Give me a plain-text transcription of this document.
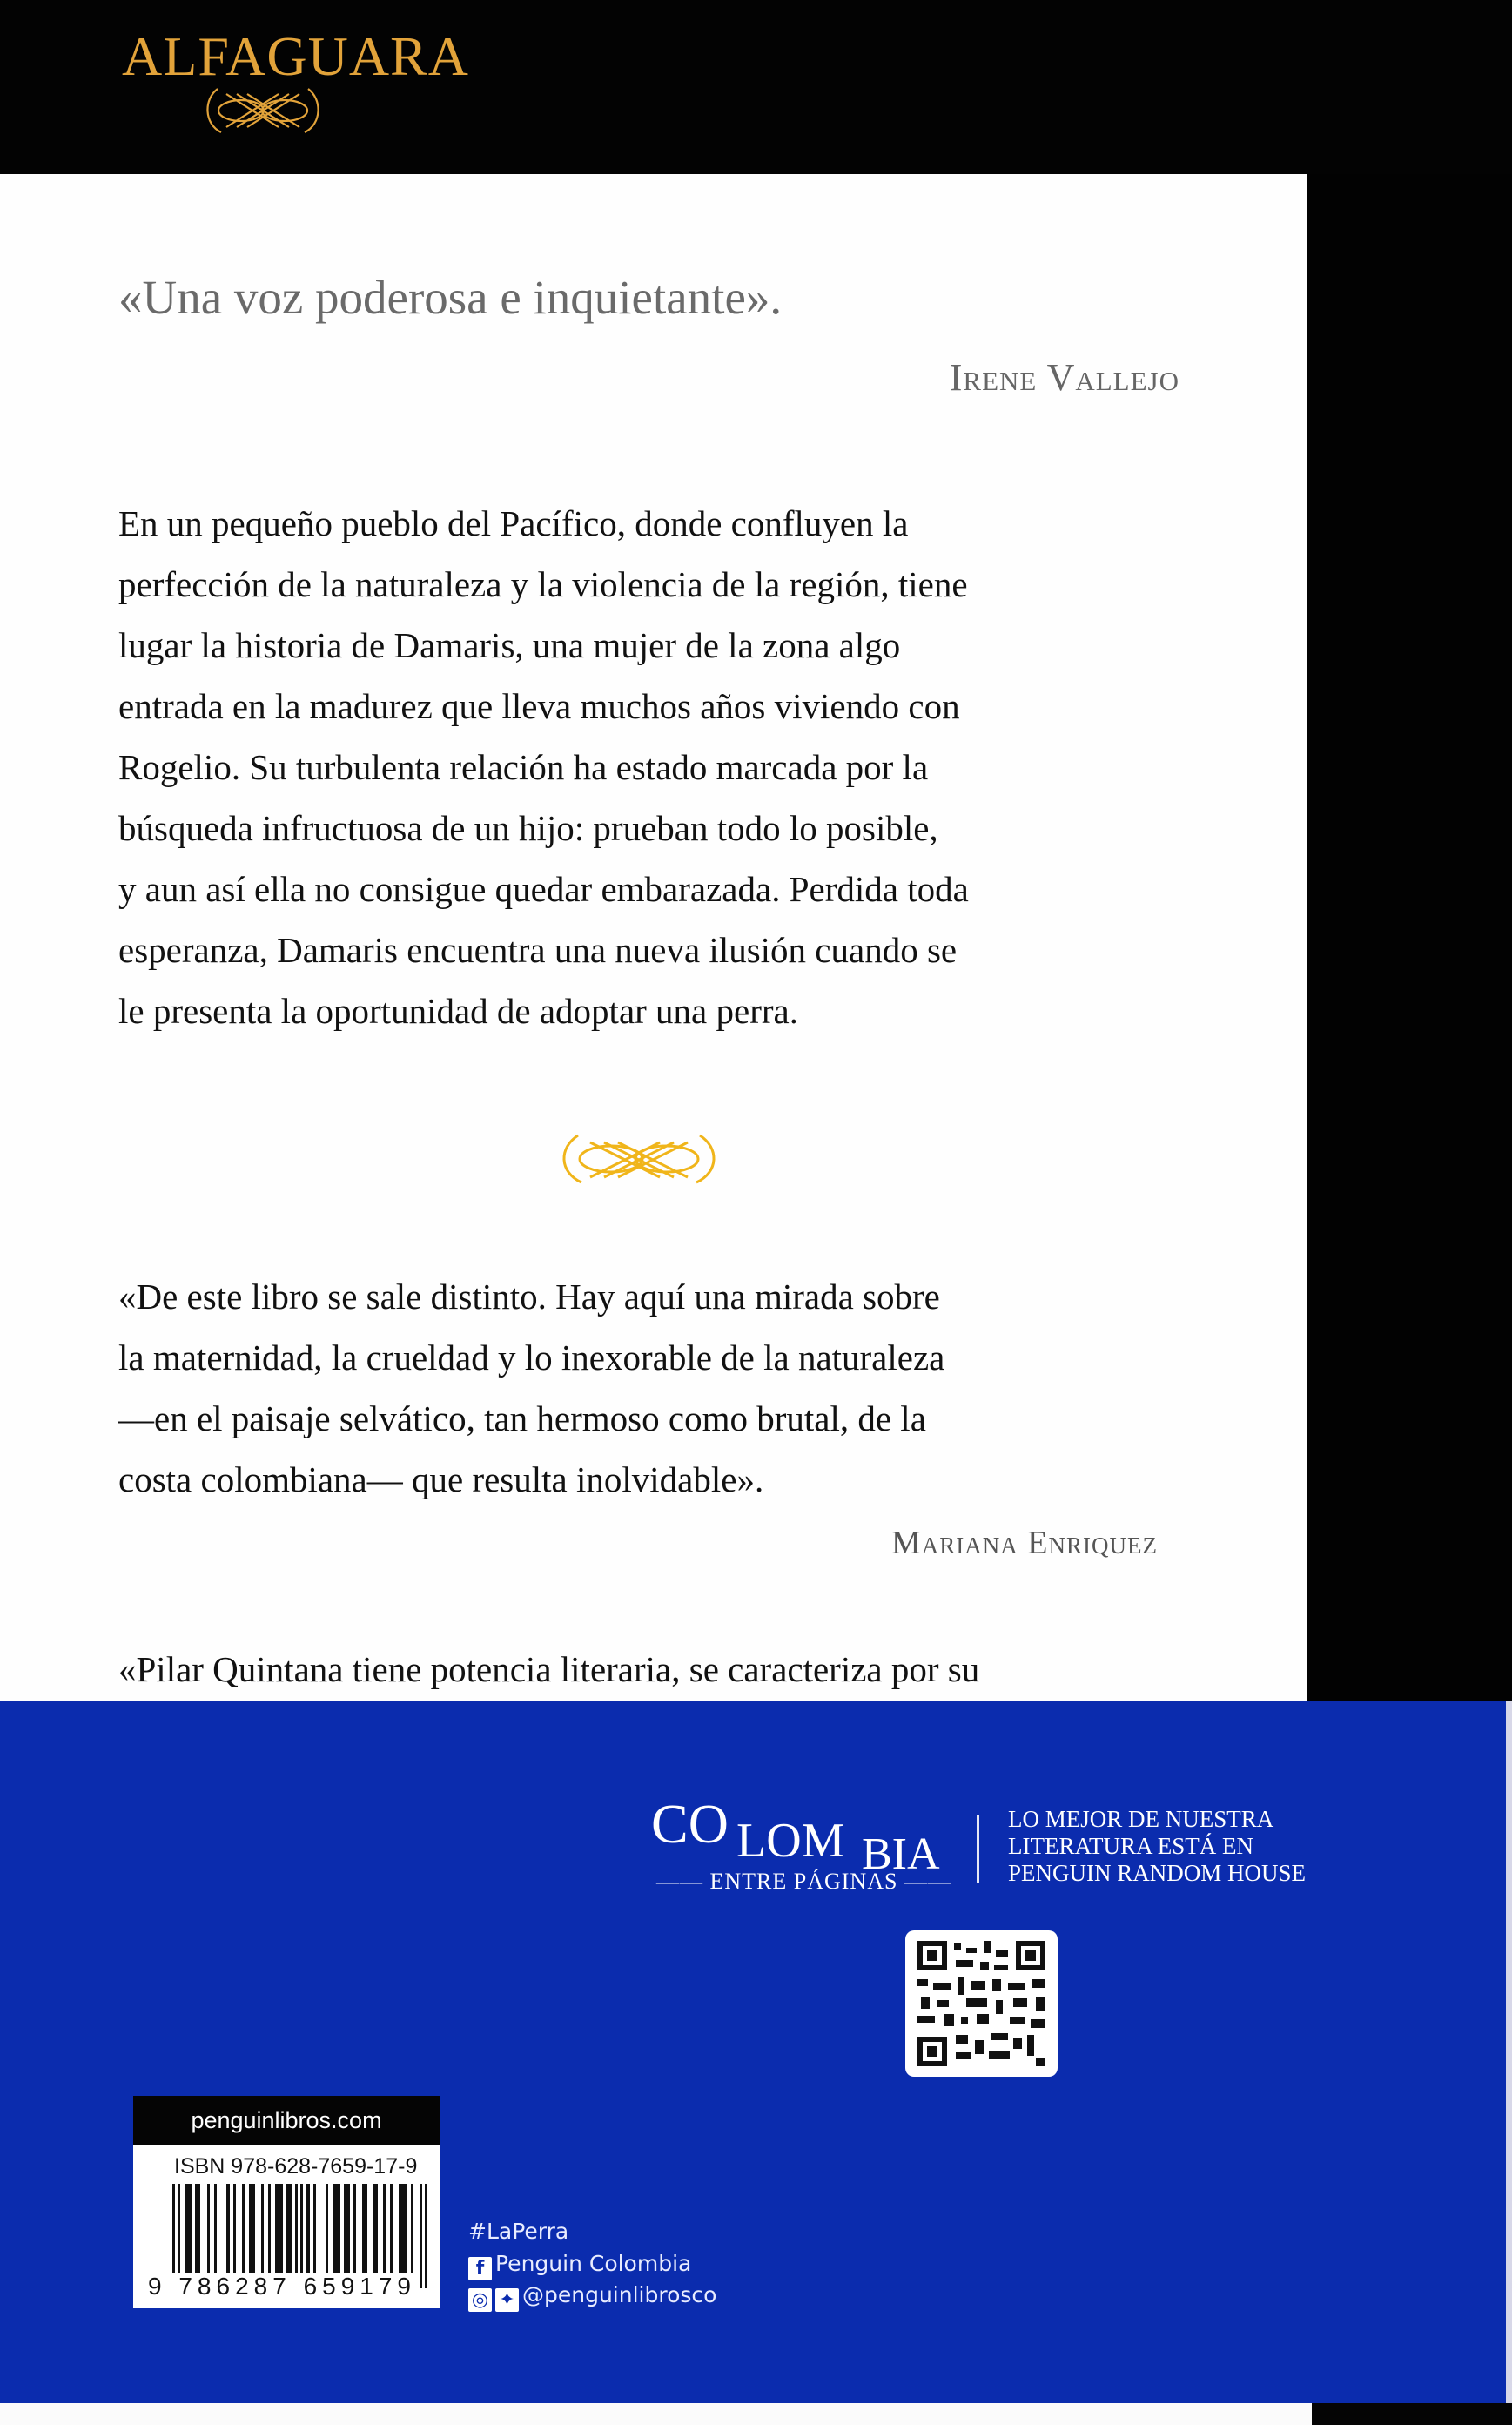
ALFAGUARA
«Una voz poderosa e inquietante».
Irene Vallejo
En un pequeño pueblo del Pacífico, donde confluyen la
perfección de la naturaleza y la violencia de la región, tiene
lugar la historia de Damaris, una mujer de la zona algo
entrada en la madurez que lleva muchos años viviendo con
Rogelio. Su turbulenta relación ha estado marcada por la
búsqueda infructuosa de un hijo: prueban todo lo posible,
y aun así ella no consigue quedar embarazada. Perdida toda
esperanza, Damaris encuentra una nueva ilusión cuando se
le presenta la oportunidad de adoptar una perra.
«De este libro se sale distinto. Hay aquí una mirada sobre
la maternidad, la crueldad y lo inexorable de la naturaleza
—en el paisaje selvático, tan hermoso como brutal, de la
costa colombiana— que resulta inolvidable».
Mariana Enriquez
«Pilar Quintana tiene potencia literaria, se caracteriza por su
CO LOM BIA
—— ENTRE PÁGINAS ——
LO MEJOR DE NUESTRA
LITERATURA ESTÁ EN
PENGUIN RANDOM HOUSE
penguinlibros.com
ISBN 978-628-7659-17-9
9 786287 659179
#LaPerra
f Penguin Colombia
◎ ✦ @penguinlibrosco
